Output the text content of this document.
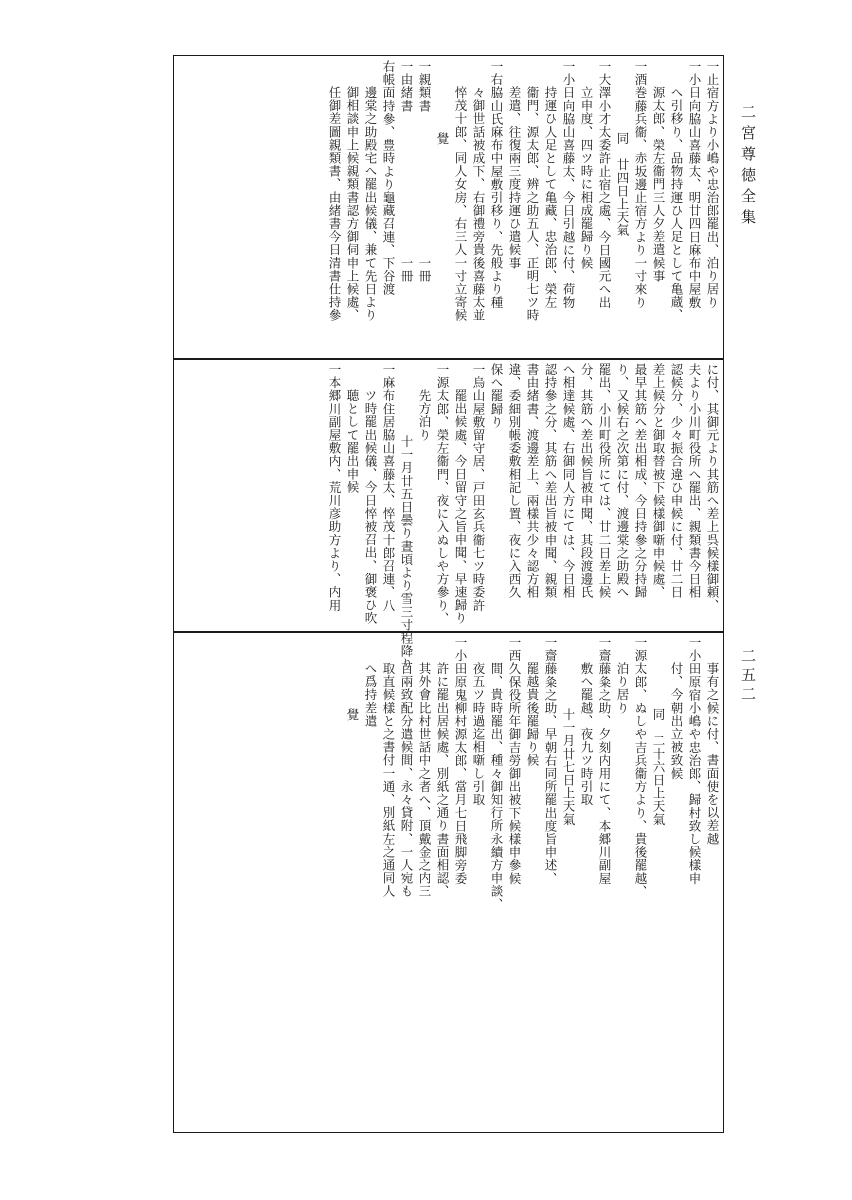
二宮尊徳全集
二五二
一止宿方より小嶋や忠治郎罷出、泊り居り
一小日向脇山喜藤太、明廿四日麻布中屋敷
へ引移り、品物持運ひ人足として亀蔵、
源太郎、榮左衞門三人夕差遣候事
一酒巻藤兵衞、赤坂邊止宿方より一寸來り
同　廿四日上天氣
一大澤小才太委許止宿之處、今日國元へ出
立申度、四ツ時に相成罷歸り候
一小日向脇山喜藤太、今日引越に付、荷物
持運ひ人足として亀藏、忠治郎、榮左
衞門、源太郎、辨之助五人、正明七ツ時
差遣、往復兩三度持運ひ遣候事
一右脇山氏麻布中屋敷引移り、先般より種
々御世話被成下、右御禮旁貴後喜藤太並
悴茂十郎、同人女房、右三人一寸立寄候
覺
一親類書　　　　　　　　　　　一冊
一由緒書　　　　　　　　　　　一冊
右帳面持參、豊時より龜藏召連、下谷渡
邊棠之助殿宅へ罷出候儀、兼て先日より
御相談申上候親類書認方御伺申上候處、
任御差圖親類書、由緒書今日清書仕持參
に付、其御元より其筋へ差上呉候樣御頼、
夫より小川町役所へ罷出、親類書今日相
認候分、少々振合違ひ申候に付、廿二日
差上候分と御取替被下候樣御噺申候處、
最早其筋へ差出相成、今日持參之分持歸
り、又候右之次第に付、渡邊棠之助殿へ
罷出、小川町役所にては、廿二日差上候
分、其筋へ差出候旨被申聞、其段渡邊氏
へ相達候處、右御同人方にては、今日相
認持參之分、其筋へ差出旨被申聞、親類
書由緒書、渡邊差上、兩樣共少々認方相
違、委細別帳委敷相記し置、夜に入西久
保へ罷歸り
一烏山屋敷留守居、戸田玄兵衞七ツ時委許
罷出候處、今日留守之旨申聞、早速歸り
一源太郎、榮左衞門、夜に入ぬしや方參り、
先方泊り
十一月廿五日曇り晝頃より雪三寸程降り
一麻布住居脇山喜藤太、悴茂十郎召連、八
ツ時罷出候儀、今日悴被召出、御褒ひ吹
聴として罷出申候
一本郷川副屋敷内、荒川彦助方より、内用
事有之候に付、書面使を以差越
一小田原宿小嶋や忠治郎、歸村致し候樣申
付、今朝出立被致候
同　二十六日上天氣
一源太郎、ぬしや吉兵衞方より、貴後罷越、
泊り居り
一齋藤粂之助、夕刻内用にて、本郷川副屋
敷へ罷越、夜九ツ時引取
十一月廿七日上天氣
一齋藤粂之助、早朝右同所罷出度旨申述、
罷越貴後罷歸り候
一西久保役所年御吉勞御出被下候樣申參候
間、貴時罷出、種々御知行所永續方申談、
夜五ツ時過迄相噺し引取
一小田原鬼柳村源太郎、當月七日飛脚旁委
許に罷出居候處、別紙之通り書面相認、
其外會比村世話中之者へ、頂戴金之内三
百兩致配分遣候間、永々貸附、一人宛も
取直候樣と之書付一通、別紙左之通同人
へ爲持差遣
覺
